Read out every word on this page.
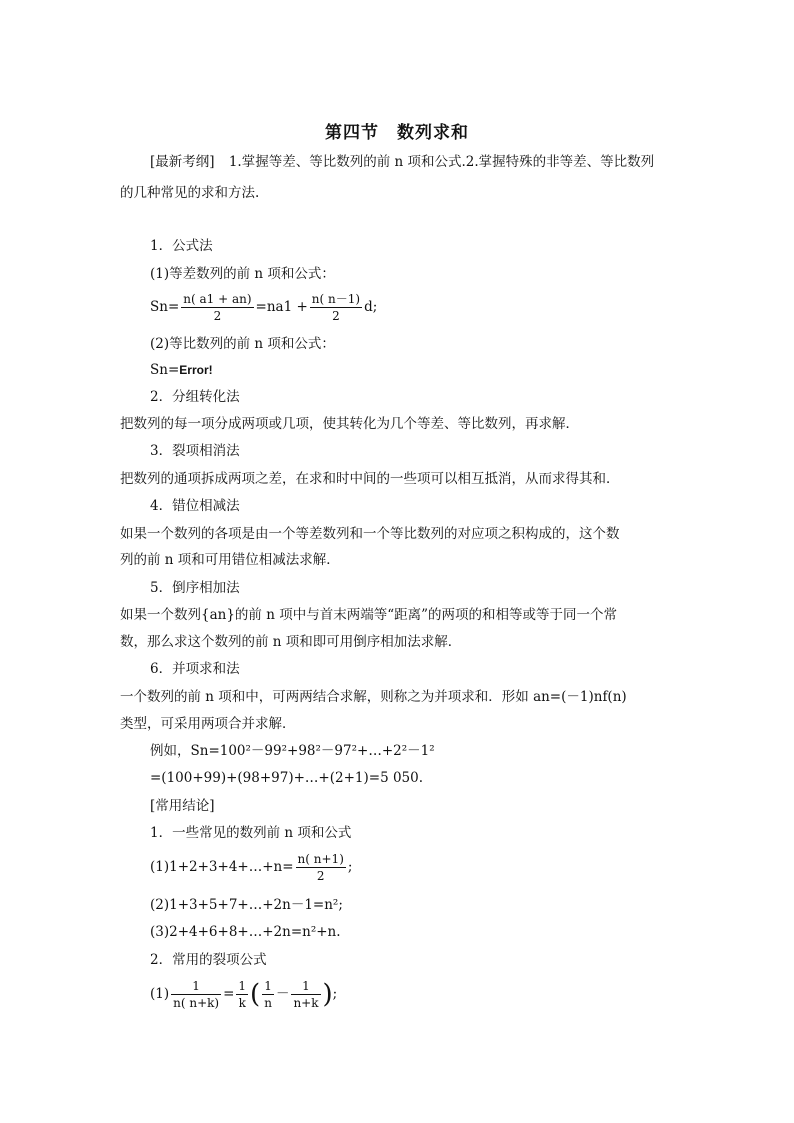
第四节　数列求和
[最新考纲] 1.掌握等差、等比数列的前 n 项和公式.2.掌握特殊的非等差、等比数列
的几种常见的求和方法.
1．公式法
(1)等差数列的前 n 项和公式：
$Sn= \frac{n( a1 + an)}{2} =na1 + \frac{n( n-1)}{2} d$;
(2)等比数列的前 n 项和公式：
Sn=Error!
2．分组转化法
把数列的每一项分成两项或几项，使其转化为几个等差、等比数列，再求解．
3．裂项相消法
把数列的通项拆成两项之差，在求和时中间的一些项可以相互抵消，从而求得其和．
4．错位相减法
如果一个数列的各项是由一个等差数列和一个等比数列的对应项之积构成的，这个数
列的前 n 项和可用错位相减法求解．
5．倒序相加法
如果一个数列{an}的前 n 项中与首末两端等“距离”的两项的和相等或等于同一个常
数，那么求这个数列的前 n 项和即可用倒序相加法求解．
6．并项求和法
一个数列的前 n 项和中，可两两结合求解，则称之为并项求和．形如 an=(－1)nf(n)
类型，可采用两项合并求解．
例如，Sn=100²－99²+98²－97²+…+2²－1²
=(100+99)+(98+97)+…+(2+1)=5 050.
[常用结论]
1．一些常见的数列前 n 项和公式
(1)1+2+3+4+…+n= $\frac{n( n+1)}{2}$ ;
(2)1+3+5+7+…+2n－1=n²;
(3)2+4+6+8+…+2n=n²+n.
2．常用的裂项公式
$(1) \frac{1}{n( n+k)} = \frac{1}{k}$ ( $\frac{1}{n} - \frac{1}{n+k}$ );
